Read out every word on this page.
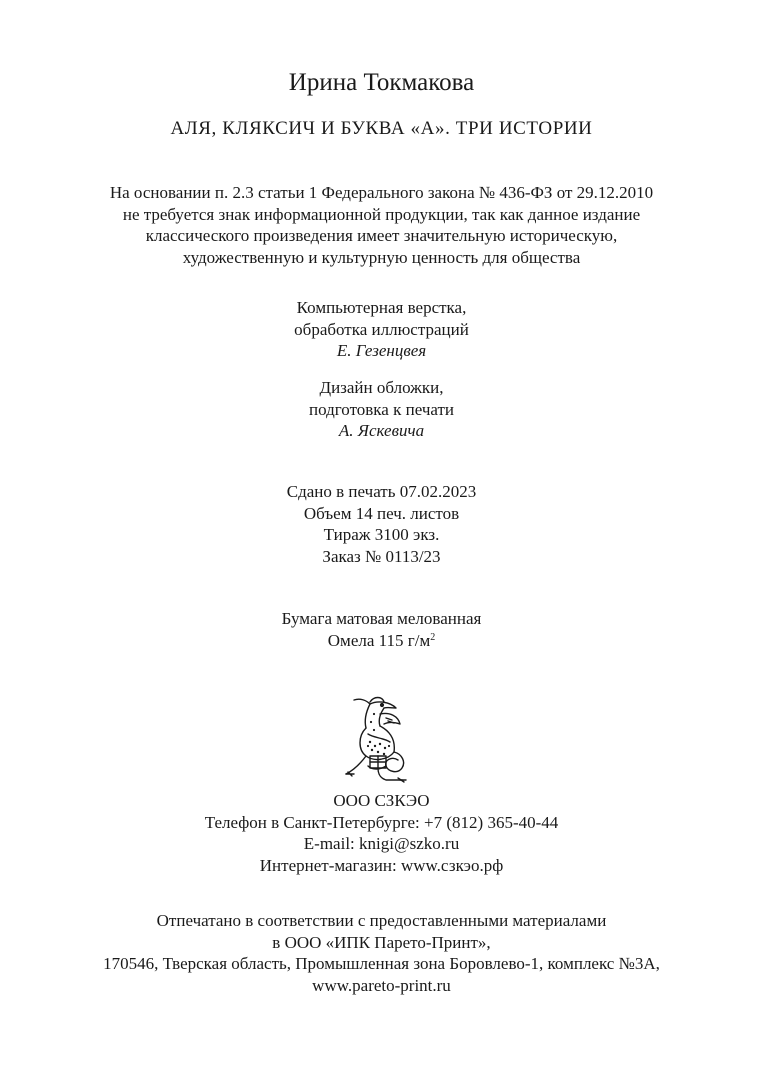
Ирина Токмакова
АЛЯ, КЛЯКСИЧ И БУКВА «А». ТРИ ИСТОРИИ
На основании п. 2.3 статьи 1 Федерального закона № 436-ФЗ от 29.12.2010
не требуется знак информационной продукции, так как данное издание
классического произведения имеет значительную историческую,
художественную и культурную ценность для общества
Компьютерная верстка,
обработка иллюстраций
Е. Гезенцвея
Дизайн обложки,
подготовка к печати
А. Яскевича
Сдано в печать 07.02.2023
Объем 14 печ. листов
Тираж 3100 экз.
Заказ № 0113/23
Бумага матовая мелованная
Омела 115 $г/м^2$
ООО СЗКЭО
Телефон в Санкт-Петербурге: +7 (812) 365-40-44
E-mail: knigi@szko.ru
Интернет-магазин: www.сзкэо.рф
Отпечатано в соответствии с предоставленными материалами
в ООО «ИПК Парето-Принт»,
170546, Тверская область, Промышленная зона Боровлево-1, комплекс №3А,
www.pareto-print.ru
